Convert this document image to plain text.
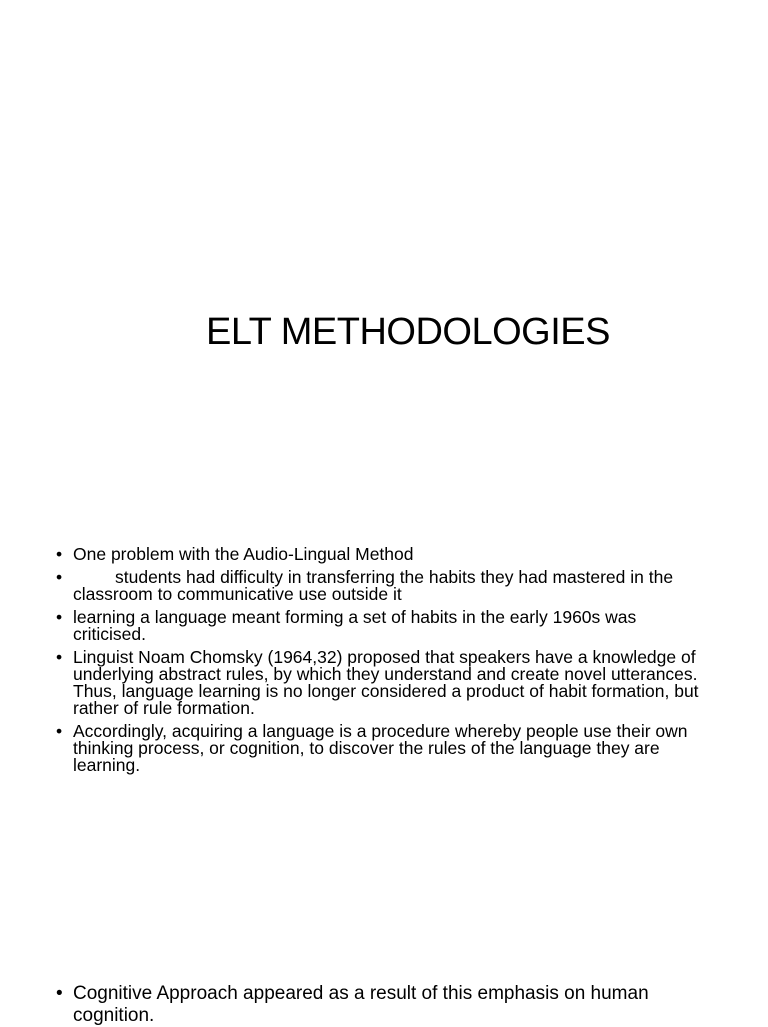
ELT METHODOLOGIES
• One problem with the Audio-Lingual Method
•	students had difficulty in transferring the habits they had mastered in the classroom to communicative use outside it
• learning a language meant forming a set of habits in the early 1960s was criticised.
• Linguist Noam Chomsky (1964,32) proposed that speakers have a knowledge of underlying abstract rules, by which they understand and create novel utterances. Thus, language learning is no longer considered a product of habit formation, but rather of rule formation.
• Accordingly, acquiring a language is a procedure whereby people use their own thinking process, or cognition, to discover the rules of the language they are learning.
• Cognitive Approach appeared as a result of this emphasis on human cognition.
